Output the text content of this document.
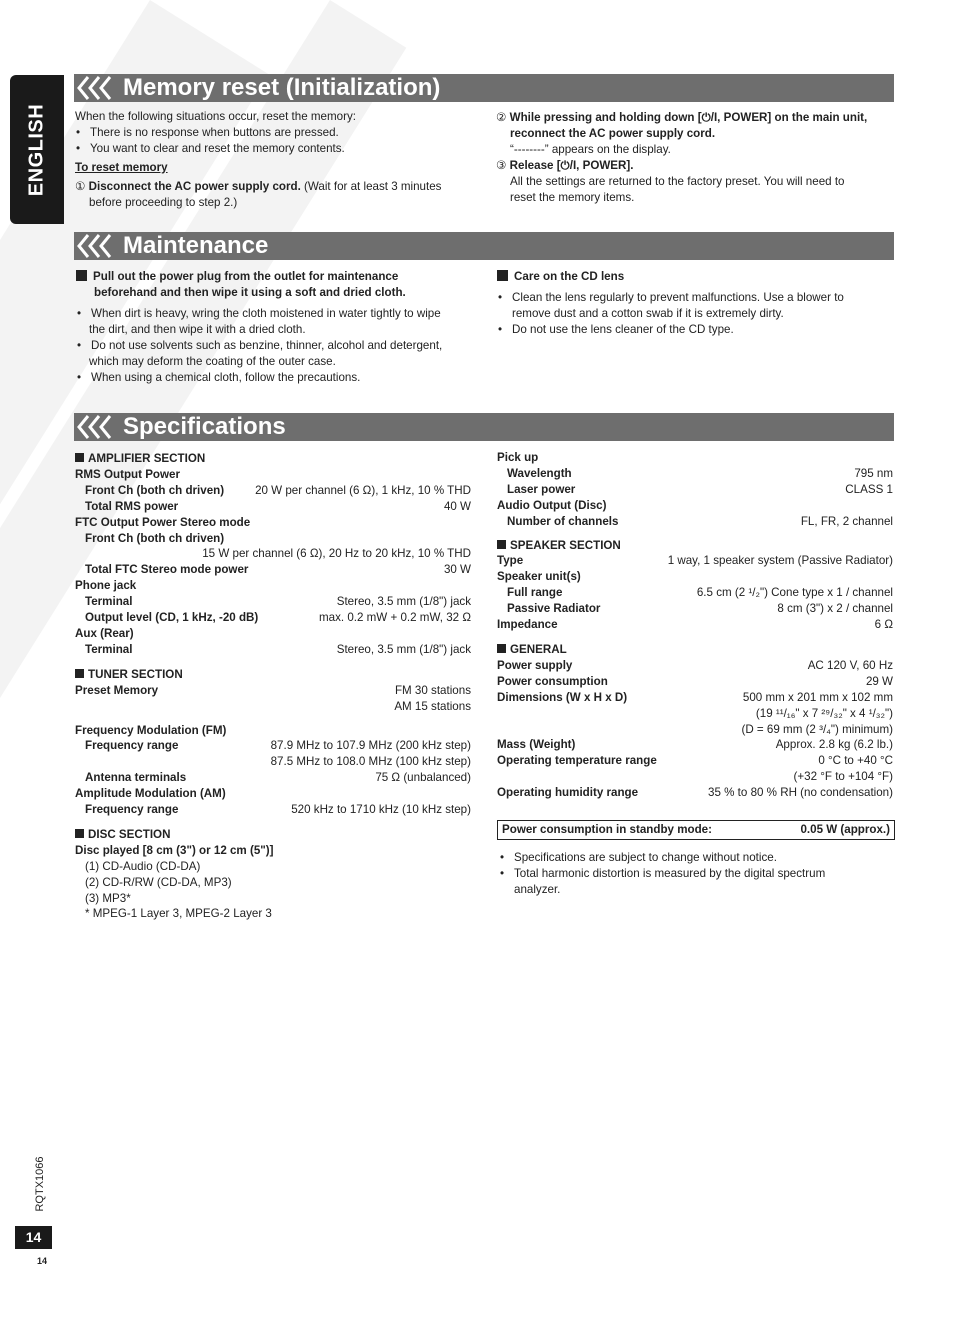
ENGLISH
Memory reset (Initialization)
When the following situations occur, reset the memory:
• There is no response when buttons are pressed.
• You want to clear and reset the memory contents.
To reset memory
① Disconnect the AC power supply cord. (Wait for at least 3 minutes
before proceeding to step 2.)
② While pressing and holding down [⏻/I, POWER] on the main unit,
reconnect the AC power supply cord.
“--------” appears on the display.
③ Release [⏻/I, POWER].
All the settings are returned to the factory preset. You will need to
reset the memory items.
Maintenance
Pull out the power plug from the outlet for maintenance
beforehand and then wipe it using a soft and dried cloth.
• When dirt is heavy, wring the cloth moistened in water tightly to wipe
the dirt, and then wipe it with a dried cloth.
• Do not use solvents such as benzine, thinner, alcohol and detergent,
which may deform the coating of the outer case.
• When using a chemical cloth, follow the precautions.
Care on the CD lens
• Clean the lens regularly to prevent malfunctions. Use a blower to
remove dust and a cotton swab if it is extremely dirty.
• Do not use the lens cleaner of the CD type.
Specifications
AMPLIFIER SECTION
RMS Output Power
Front Ch (both ch driven)	20 W per channel (6 Ω), 1 kHz, 10 % THD
Total RMS power	40 W
FTC Output Power Stereo mode
Front Ch (both ch driven)
15 W per channel (6 Ω), 20 Hz to 20 kHz, 10 % THD
Total FTC Stereo mode power	30 W
Phone jack
Terminal	Stereo, 3.5 mm (1/8") jack
Output level (CD, 1 kHz, -20 dB)	max. 0.2 mW + 0.2 mW, 32 Ω
Aux (Rear)
Terminal	Stereo, 3.5 mm (1/8") jack
TUNER SECTION
Preset Memory	FM 30 stations
AM 15 stations
Frequency Modulation (FM)
Frequency range	87.9 MHz to 107.9 MHz (200 kHz step)
87.5 MHz to 108.0 MHz (100 kHz step)
Antenna terminals	75 Ω (unbalanced)
Amplitude Modulation (AM)
Frequency range	520 kHz to 1710 kHz (10 kHz step)
DISC SECTION
Disc played [8 cm (3") or 12 cm (5")]
(1) CD-Audio (CD-DA)
(2) CD-R/RW (CD-DA, MP3)
(3) MP3*
* MPEG-1 Layer 3, MPEG-2 Layer 3
Pick up
Wavelength	795 nm
Laser power	CLASS 1
Audio Output (Disc)
Number of channels	FL, FR, 2 channel
SPEAKER SECTION
Type	1 way, 1 speaker system (Passive Radiator)
Speaker unit(s)
Full range	6.5 cm (2 ¹/₂") Cone type x 1 / channel
Passive Radiator	8 cm (3") x 2 / channel
Impedance	6 Ω
GENERAL
Power supply	AC 120 V, 60 Hz
Power consumption	29 W
Dimensions (W x H x D)	500 mm x 201 mm x 102 mm
(19 ¹¹/₁₆" x 7 ²⁹/₃₂" x 4 ¹/₃₂")
(D = 69 mm (2 ³/₄") minimum)
Mass (Weight)	Approx. 2.8 kg (6.2 lb.)
Operating temperature range	0 °C to +40 °C
(+32 °F to +104 °F)
Operating humidity range	35 % to 80 % RH (no condensation)
Power consumption in standby mode:	0.05 W (approx.)
• Specifications are subject to change without notice.
• Total harmonic distortion is measured by the digital spectrum
analyzer.
RQTX1066
14
14
